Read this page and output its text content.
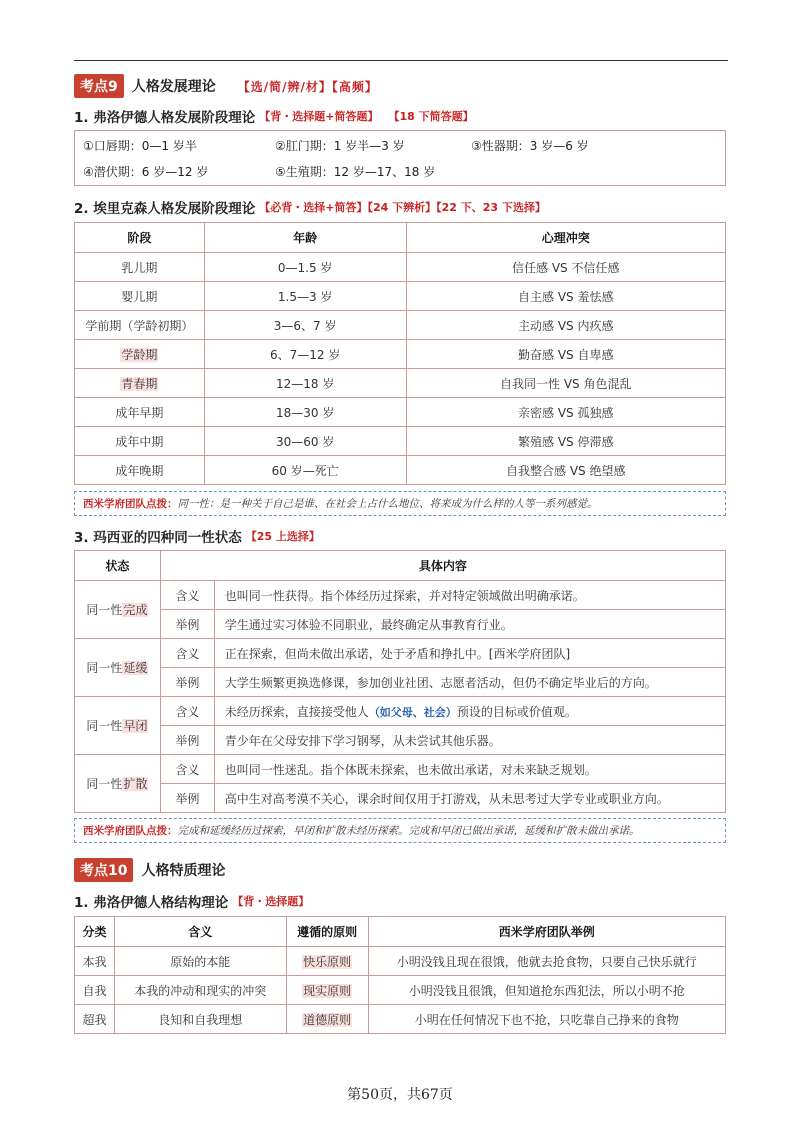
考点9	人格发展理论 【选/简/辨/材】【高频】
1. 弗洛伊德人格发展阶段理论 【背・选择题+简答题】 【18 下简答题】
①口唇期：0—1 岁半	②肛门期：1 岁半—3 岁	③性器期：3 岁—6 岁
④潜伏期：6 岁—12 岁	⑤生殖期：12 岁—17、18 岁
2. 埃里克森人格发展阶段理论 【必背・选择+简答】【24 下辨析】【22 下、23 下选择】
阶段	年龄	心理冲突
乳儿期	0—1.5 岁	信任感 VS 不信任感
婴儿期	1.5—3 岁	自主感 VS 羞怯感
学前期（学龄初期）	3—6、7 岁	主动感 VS 内疚感
学龄期	6、7—12 岁	勤奋感 VS 自卑感
青春期	12—18 岁	自我同一性 VS 角色混乱
成年早期	18—30 岁	亲密感 VS 孤独感
成年中期	30—60 岁	繁殖感 VS 停滞感
成年晚期	60 岁—死亡	自我整合感 VS 绝望感
西米学府团队点拨：同一性：是一种关于自己是谁、在社会上占什么地位、将来成为什么样的人等一系列感觉。
3. 玛西亚的四种同一性状态 【25 上选择】
状态	具体内容	
同一性完成	含义	也叫同一性获得。指个体经历过探索，并对特定领域做出明确承诺。
	举例	学生通过实习体验不同职业，最终确定从事教育行业。
同一性延缓	含义	正在探索，但尚未做出承诺，处于矛盾和挣扎中。[西米学府团队]
	举例	大学生频繁更换选修课，参加创业社团、志愿者活动，但仍不确定毕业后的方向。
同一性早闭	含义	未经历探索，直接接受他人（如父母、社会）预设的目标或价值观。
	举例	青少年在父母安排下学习钢琴，从未尝试其他乐器。
同一性扩散	含义	也叫同一性迷乱。指个体既未探索，也未做出承诺，对未来缺乏规划。
	举例	高中生对高考漠不关心，课余时间仅用于打游戏，从未思考过大学专业或职业方向。
西米学府团队点拨：完成和延缓经历过探索，早闭和扩散未经历探索。完成和早闭已做出承诺，延缓和扩散未做出承诺。
考点10	人格特质理论
1. 弗洛伊德人格结构理论 【背・选择题】
分类	含义	遵循的原则	西米学府团队举例
本我	原始的本能	快乐原则	小明没钱且现在很饿，他就去抢食物，只要自己快乐就行
自我	本我的冲动和现实的冲突	现实原则	小明没钱且很饿，但知道抢东西犯法，所以小明不抢
超我	良知和自我理想	道德原则	小明在任何情况下也不抢，只吃靠自己挣来的食物
第50页，共67页
